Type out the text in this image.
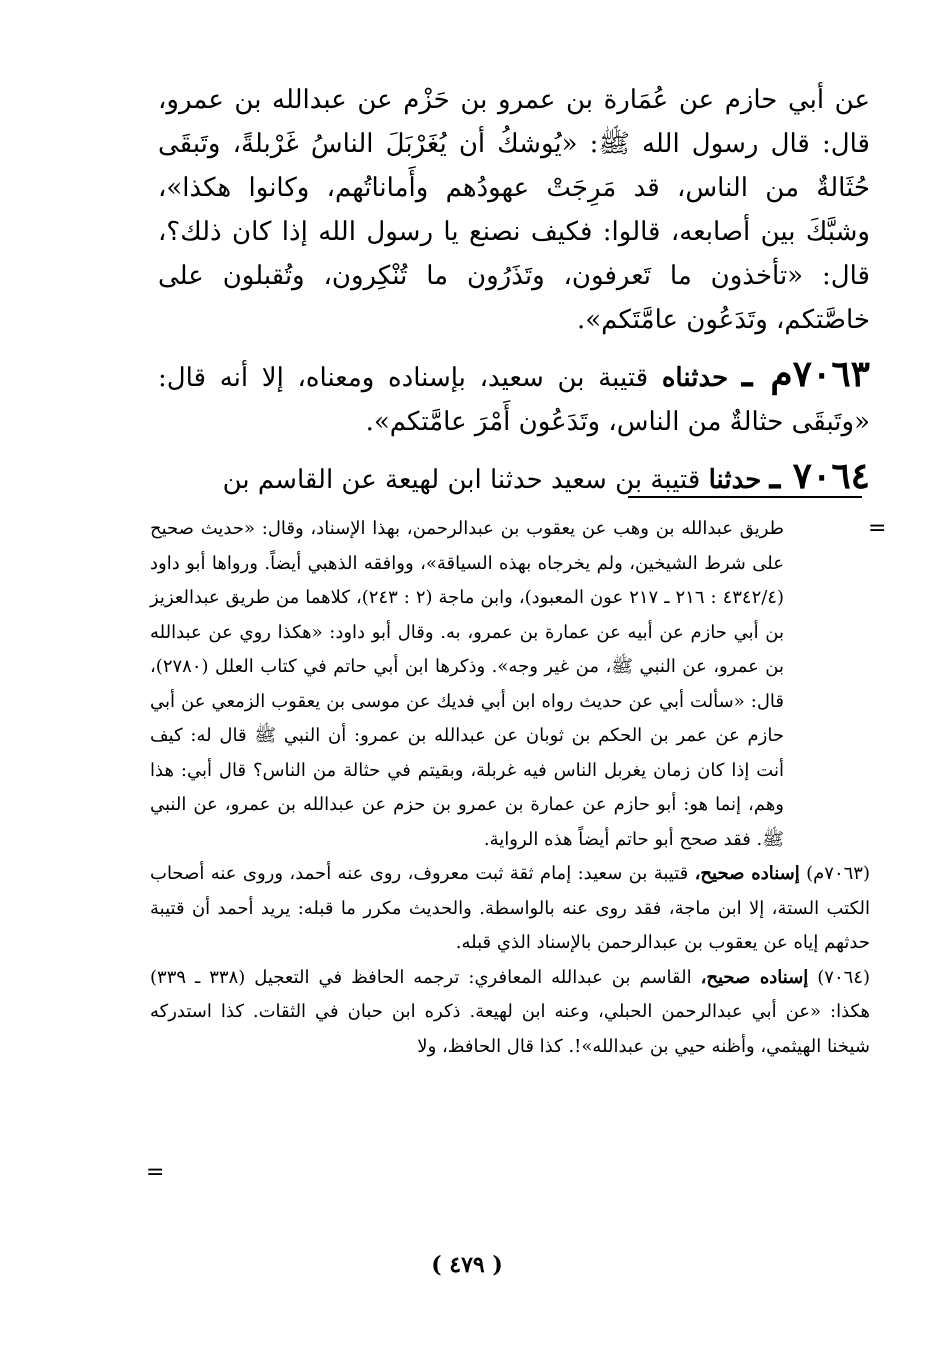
عن أبي حازم عن عُمَارة بن عمرو بن حَزْم عن عبدالله بن عمرو، قال: قال رسول الله ﷺ: «يُوشكُ أن يُغَرْبَلَ الناسُ غَرْبلةً، وتَبقَى حُثَالةٌ من الناس، قد مَرِجَتْ عهودُهم وأَماناتُهم، وكانوا هكذا»، وشبَّكَ بين أصابعه، قالوا: فكيف نصنع يا رسول الله إذا كان ذلك؟، قال: «تأخذون ما تَعرفون، وتَذَرُون ما تُنْكِرون، وتُقبلون على خاصَّتكم، وتَدَعُون عامَّتَكم».

٧٠٦٣م ـ حدثناه قتيبة بن سعيد، بإسناده ومعناه، إلا أنه قال: «وتَبقَى حثالةٌ من الناس، وتَدَعُون أَمْرَ عامَّتكم».

٧٠٦٤ ـ حدثنا قتيبة بن سعيد حدثنا ابن لهيعة عن القاسم بن

=

طريق عبدالله بن وهب عن يعقوب بن عبدالرحمن، بهذا الإسناد، وقال: «حديث صحيح على شرط الشيخين، ولم يخرجاه بهذه السياقة»، ووافقه الذهبي أيضاً. ورواها أبو داود (٤٣٤٢/٤ : ٢١٦ ـ ٢١٧ عون المعبود)، وابن ماجة (٢ : ٢٤٣)، كلاهما من طريق عبدالعزيز بن أبي حازم عن أبيه عن عمارة بن عمرو، به. وقال أبو داود: «هكذا روي عن عبدالله بن عمرو، عن النبي ﷺ، من غير وجه». وذكرها ابن أبي حاتم في كتاب العلل (٢٧٨٠)، قال: «سألت أبي عن حديث رواه ابن أبي فديك عن موسى بن يعقوب الزمعي عن أبي حازم عن عمر بن الحكم بن ثوبان عن عبدالله بن عمرو: أن النبي ﷺ قال له: كيف أنت إذا كان زمان يغربل الناس فيه غربلة، وبقيتم في حثالة من الناس؟ قال أبي: هذا وهم، إنما هو: أبو حازم عن عمارة بن عمرو بن حزم عن عبدالله بن عمرو، عن النبي ﷺ. فقد صحح أبو حاتم أيضاً هذه الرواية.

(٧٠٦٣م) إسناده صحيح، قتيبة بن سعيد: إمام ثقة ثبت معروف، روى عنه أحمد، وروى عنه أصحاب الكتب الستة، إلا ابن ماجة، فقد روى عنه بالواسطة. والحديث مكرر ما قبله: يريد أحمد أن قتيبة حدثهم إياه عن يعقوب بن عبدالرحمن بالإسناد الذي قبله.

(٧٠٦٤) إسناده صحيح، القاسم بن عبدالله المعافري: ترجمه الحافظ في التعجيل (٣٣٨ ـ ٣٣٩) هكذا: «عن أبي عبدالرحمن الحبلي، وعنه ابن لهيعة. ذكره ابن حبان في الثقات. كذا استدركه شيخنا الهيثمي، وأظنه حيي بن عبدالله»!. كذا قال الحافظ، ولا

=
( ٤٧٩ )
